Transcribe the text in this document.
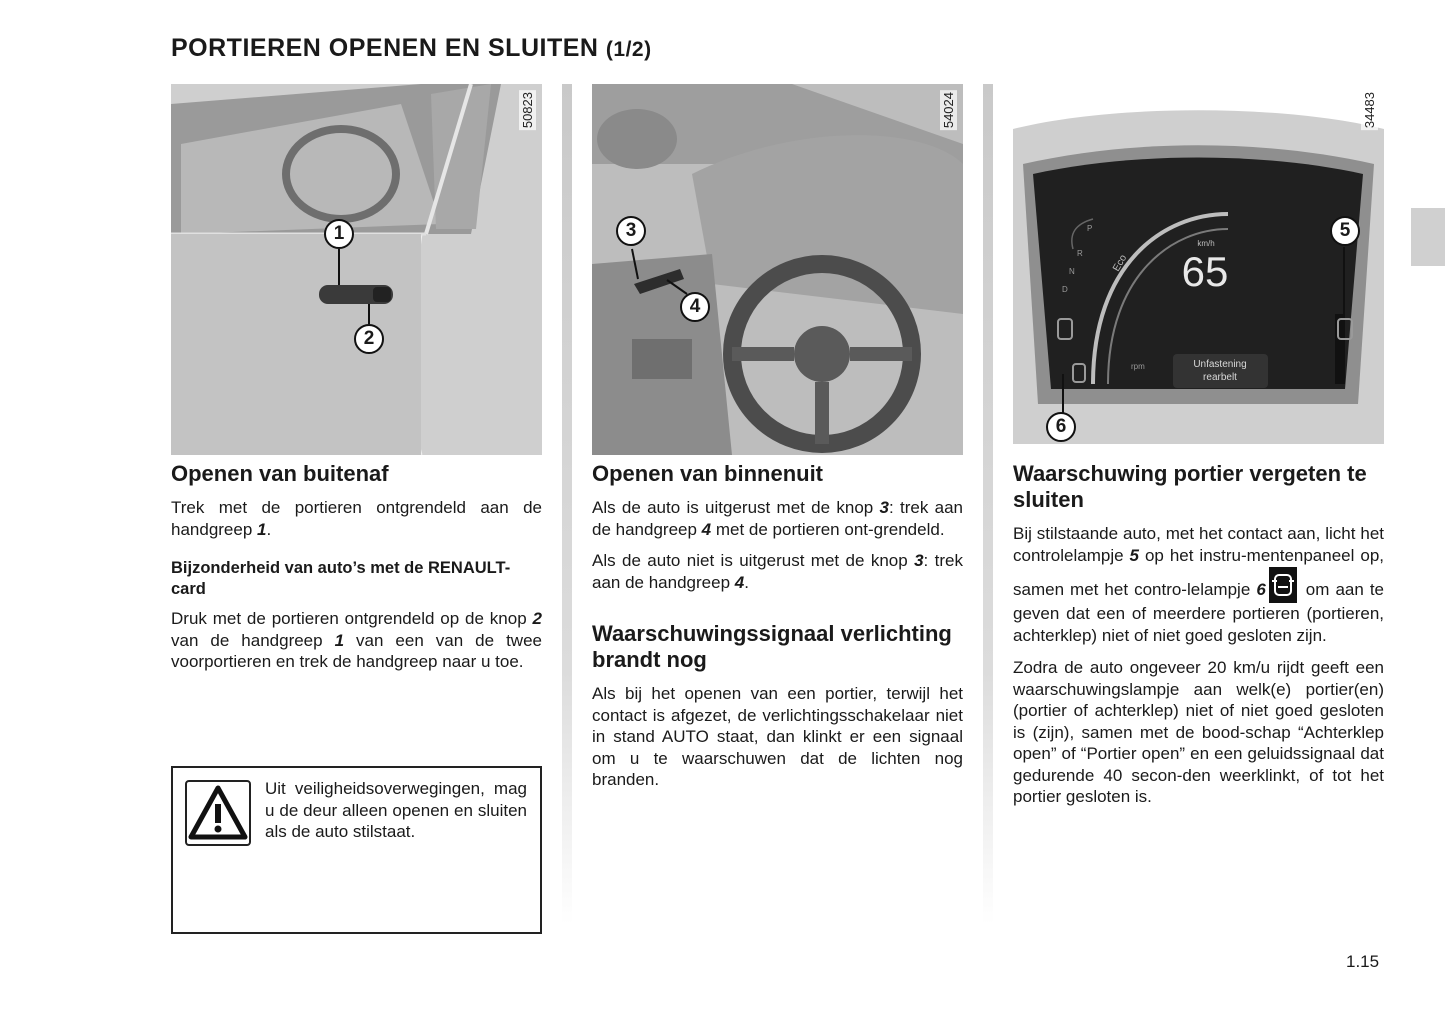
PORTIEREN OPENEN EN SLUITEN (1/2)
1
2
50823
Openen van buitenaf

Trek met de portieren ontgrendeld aan de handgreep 1.

Bijzonderheid van auto’s met de RENAULT-card

Druk met de portieren ontgrendeld op de knop 2 van de handgreep 1 van een van de twee voorportieren en trek de handgreep naar u toe.

Uit veiligheidsoverwegingen, mag u de deur alleen openen en sluiten als de auto stilstaat.
3
4
54024
Openen van binnenuit

Als de auto is uitgerust met de knop 3: trek aan de handgreep 4 met de portieren ont-grendeld.

Als de auto niet is uitgerust met de knop 3: trek aan de handgreep 4.

Waarschuwingssignaal verlichting brandt nog

Als bij het openen van een portier, terwijl het contact is afgezet, de verlichtingsschakelaar niet in stand AUTO staat, dan klinkt er een signaal om u te waarschuwen dat de lichten nog branden.

km/h
65
Eco
rpm	Unfastening
rearbelt
P
R
N
D
5
6
34483
Waarschuwing portier vergeten te sluiten

Bij stilstaande auto, met het contact aan, licht het controlelampje 5 op het instru-mentenpaneel op, samen met het contro-lelampje 6
om aan te geven dat een of meerdere portieren (portieren, achterklep) niet of niet goed gesloten zijn.

Zodra de auto ongeveer 20 km/u rijdt geeft een waarschuwingslampje aan welk(e) portier(en) (portier of achterklep) niet of niet goed gesloten is (zijn), samen met de bood-schap “Achterklep open” of “Portier open” en een geluidssignaal dat gedurende 40 secon-den weerklinkt, of tot het portier gesloten is.

1.15
